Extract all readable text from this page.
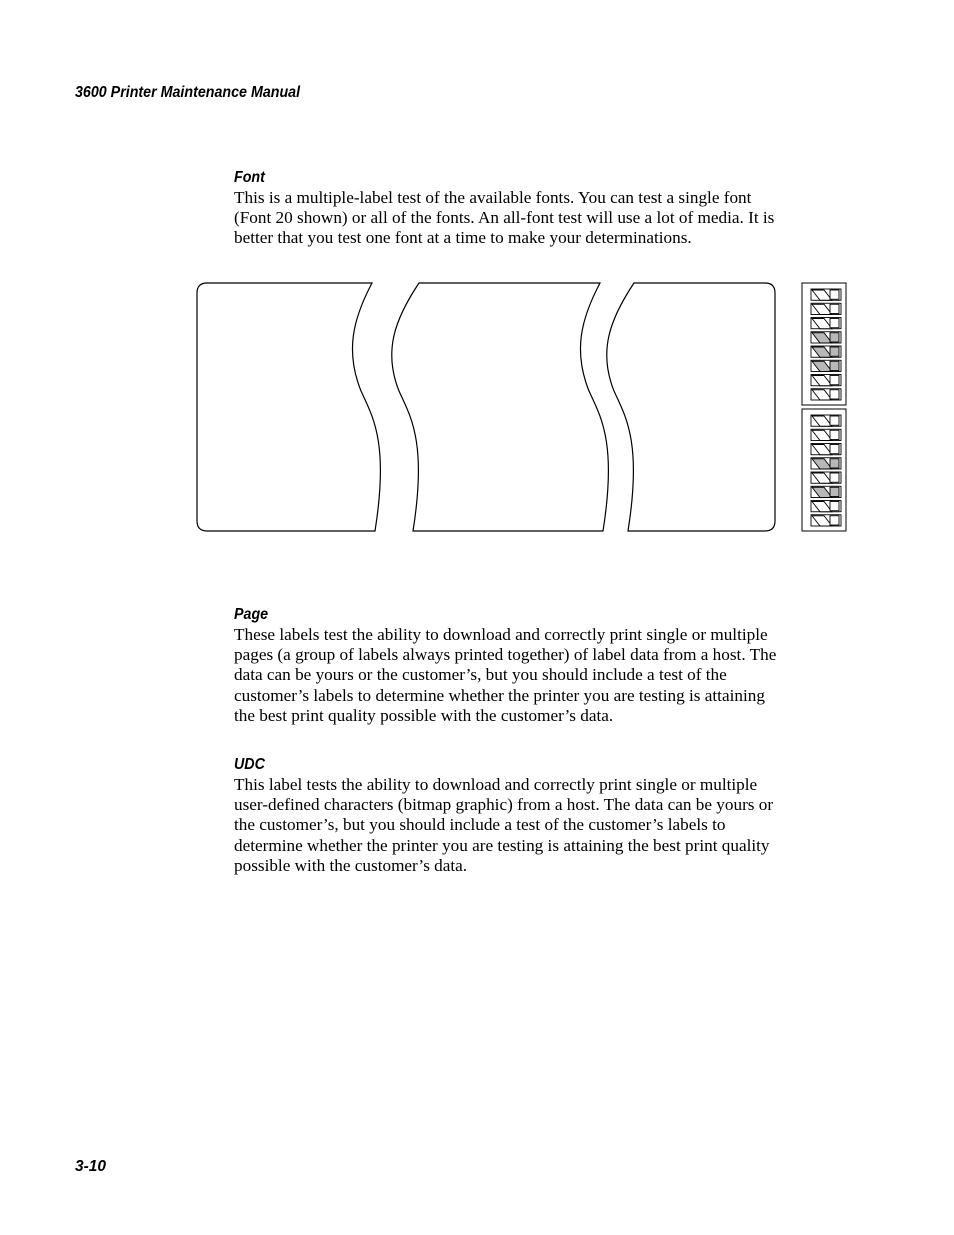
3600 Printer Maintenance Manual
Font
This is a multiple-label test of the available fonts. You can test a single font
(Font 20 shown) or all of the fonts. An all-font test will use a lot of media. It is
better that you test one font at a time to make your determinations.
Page
These labels test the ability to download and correctly print single or multiple
pages (a group of labels always printed together) of label data from a host. The
data can be yours or the customer’s, but you should include a test of the
customer’s labels to determine whether the printer you are testing is attaining
the best print quality possible with the customer’s data.
UDC
This label tests the ability to download and correctly print single or multiple
user-defined characters (bitmap graphic) from a host. The data can be yours or
the customer’s, but you should include a test of the customer’s labels to
determine whether the printer you are testing is attaining the best print quality
possible with the customer’s data.
3-10
